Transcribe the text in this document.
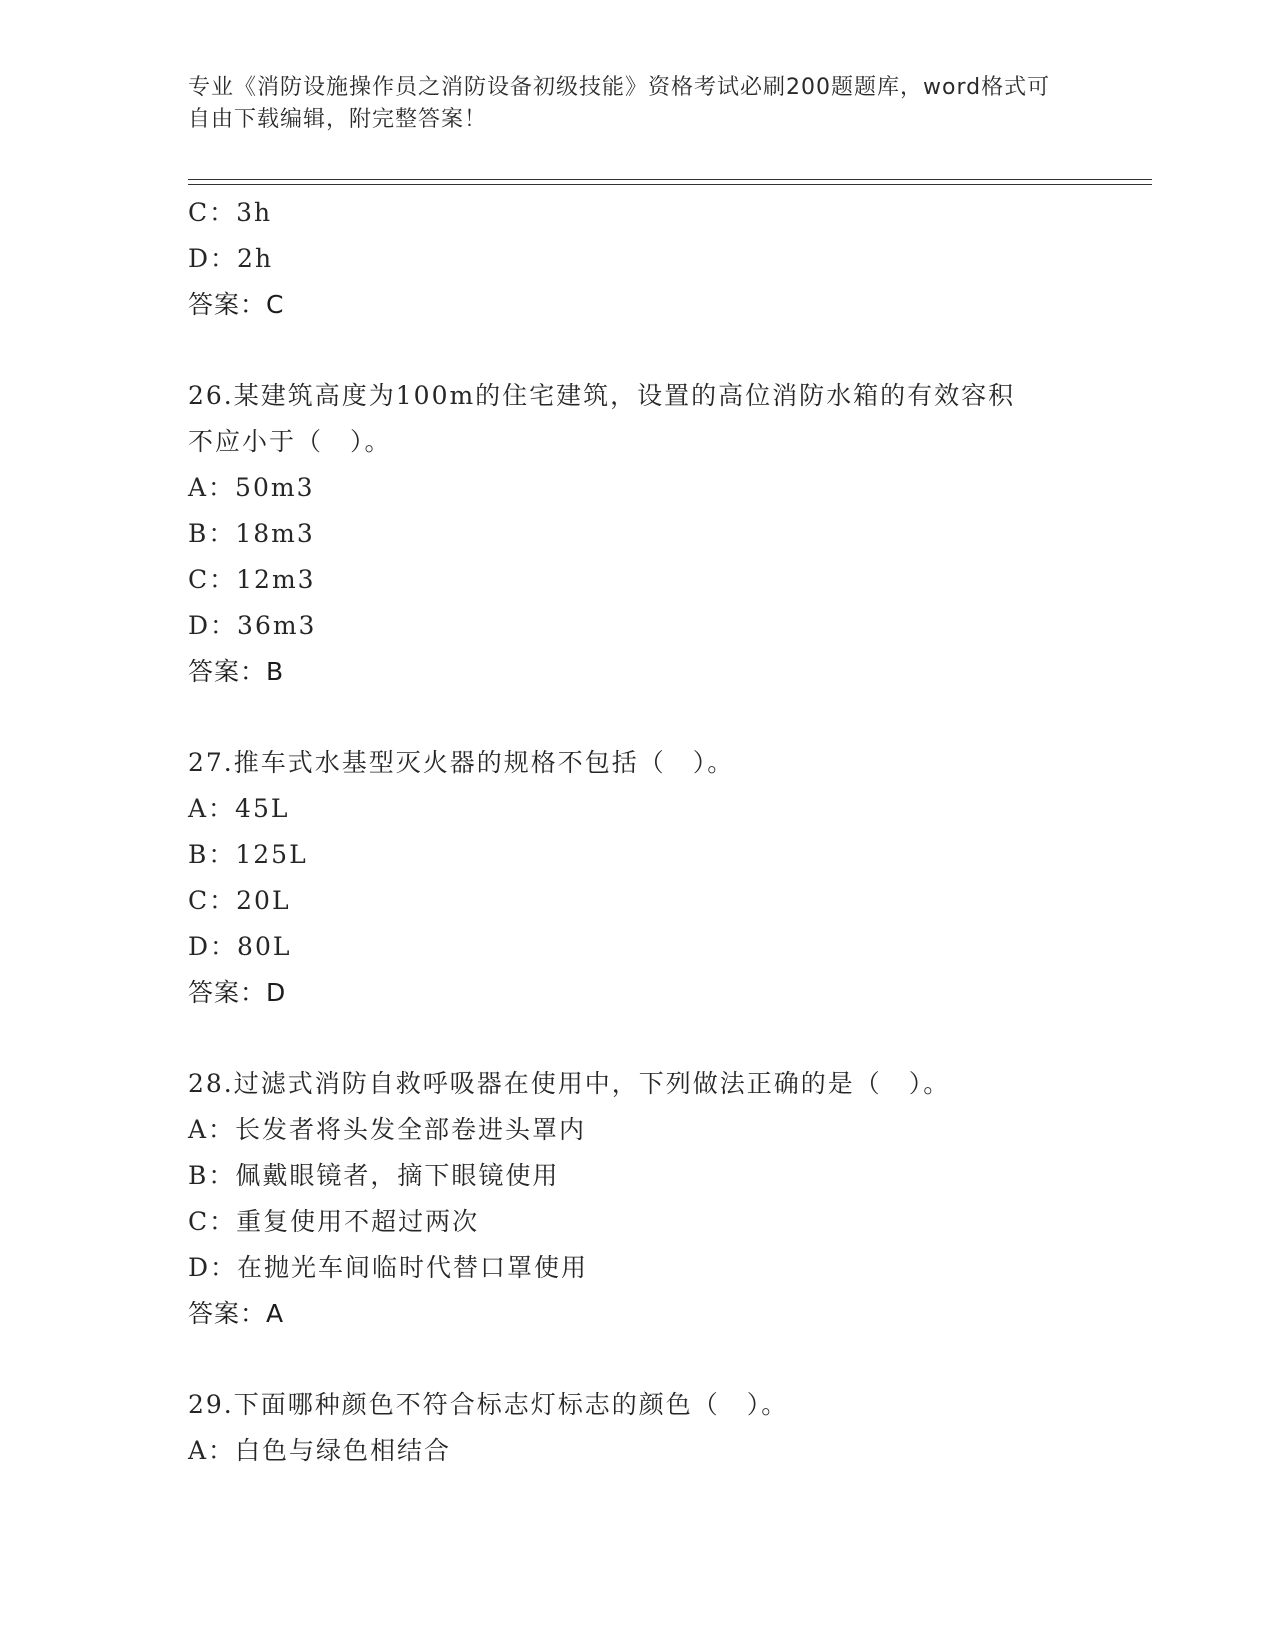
专业《消防设施操作员之消防设备初级技能》资格考试必刷200题题库，word格式可自由下载编辑，附完整答案！
C：3h
D：2h
答案：C
26.某建筑高度为100m的住宅建筑，设置的高位消防水箱的有效容积
不应小于（　）。
A：50m3
B：18m3
C：12m3
D：36m3
答案：B
27.推车式水基型灭火器的规格不包括（　）。
A：45L
B：125L
C：20L
D：80L
答案：D
28.过滤式消防自救呼吸器在使用中，下列做法正确的是（　）。
A：长发者将头发全部卷进头罩内
B：佩戴眼镜者，摘下眼镜使用
C：重复使用不超过两次
D：在抛光车间临时代替口罩使用
答案：A
29.下面哪种颜色不符合标志灯标志的颜色（　）。
A：白色与绿色相结合
